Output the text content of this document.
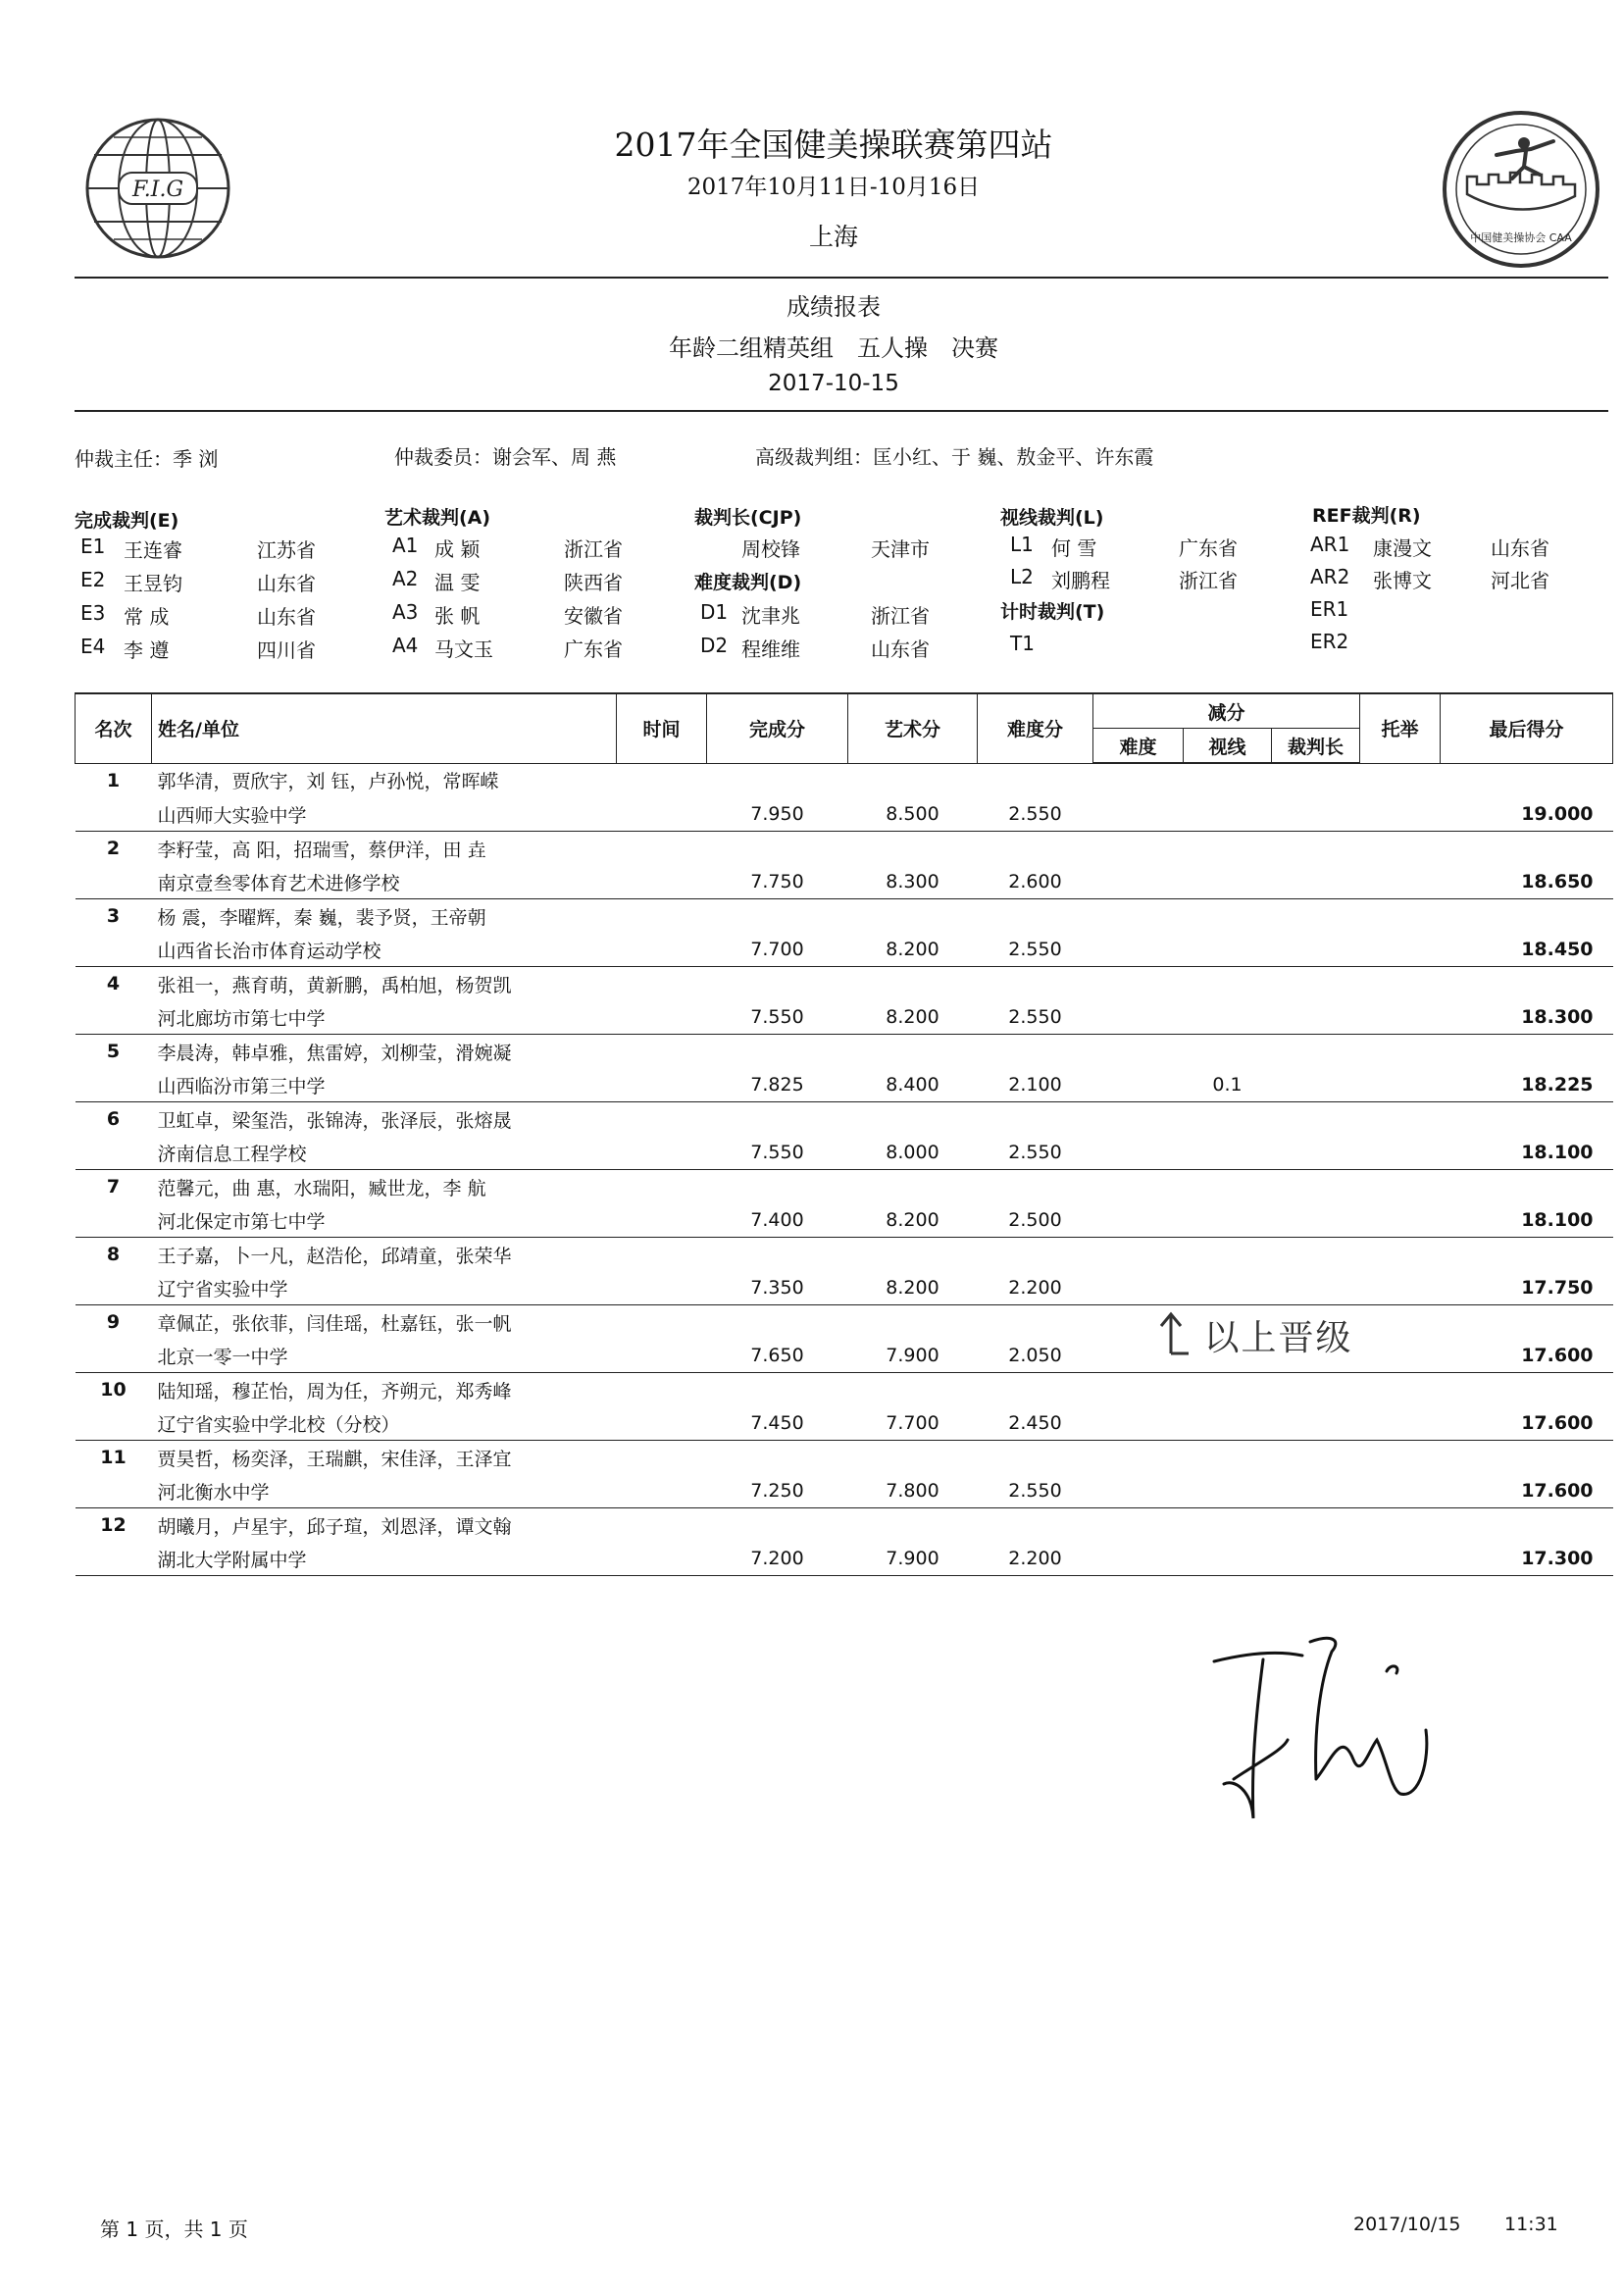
F.I.G
中国健美操协会 CAA
2017年全国健美操联赛第四站
2017年10月11日-10月16日
上海
成绩报表
年龄二组精英组　五人操　决赛
2017-10-15
仲裁主任：季 浏	仲裁委员：谢会军、周 燕	高级裁判组：匡小红、于 巍、敖金平、许东霞
完成裁判(E)	艺术裁判(A)	裁判长(CJP)	视线裁判(L)	REF裁判(R)
E1 王连睿	江苏省
E2 王昱钧	山东省
E3 常 成	山东省
E4 李 遵	四川省
A1 成 颖	浙江省
A2 温 雯	陕西省
A3 张 帆	安徽省
A4 马文玉	广东省
周校锋	天津市
难度裁判(D)
D1 沈聿兆	浙江省
D2 程维维	山东省
L1 何 雪	广东省
L2 刘鹏程	浙江省
计时裁判(T)
T1
AR1 康漫文	山东省
AR2 张博文	河北省
ER1
ER2
名次	姓名/单位	时间	完成分	艺术分	难度分	减分			托举	最后得分
						难度	视线	裁判长		
1	郭华清，贾欣宇，刘 钰，卢孙悦，常晖嵘									
	山西师大实验中学		7.950	8.500	2.550					19.000
2	李籽莹，高 阳，招瑞雪，蔡伊洋，田 垚									
	南京壹叁零体育艺术进修学校		7.750	8.300	2.600					18.650
3	杨 震，李曜辉，秦 巍，裴予贤，王帝朝									
	山西省长治市体育运动学校		7.700	8.200	2.550					18.450
4	张祖一，燕育萌，黄新鹏，禹柏旭，杨贺凯									
	河北廊坊市第七中学		7.550	8.200	2.550					18.300
5	李晨涛，韩卓雅，焦雷婷，刘柳莹，滑婉凝									
	山西临汾市第三中学		7.825	8.400	2.100		0.1			18.225
6	卫虹卓，梁玺浩，张锦涛，张泽辰，张熔晟									
	济南信息工程学校		7.550	8.000	2.550					18.100
7	范馨元，曲 惠，水瑞阳，臧世龙，李 航									
	河北保定市第七中学		7.400	8.200	2.500					18.100
8	王子嘉，卜一凡，赵浩伦，邱靖童，张荣华									
	辽宁省实验中学		7.350	8.200	2.200					17.750
9	章佩芷，张依菲，闫佳瑶，杜嘉钰，张一帆									
	北京一零一中学		7.650	7.900	2.050					17.600
10	陆知瑶，穆芷怡，周为任，齐朔元，郑秀峰									
	辽宁省实验中学北校（分校）		7.450	7.700	2.450					17.600
11	贾昊哲，杨奕泽，王瑞麒，宋佳泽，王泽宜									
	河北衡水中学		7.250	7.800	2.550					17.600
12	胡曦月，卢星宇，邱子瑄，刘恩泽，谭文翰									
	湖北大学附属中学		7.200	7.900	2.200					17.300
以上晋级
第 1 页，共 1 页	2017/10/15 11:31
